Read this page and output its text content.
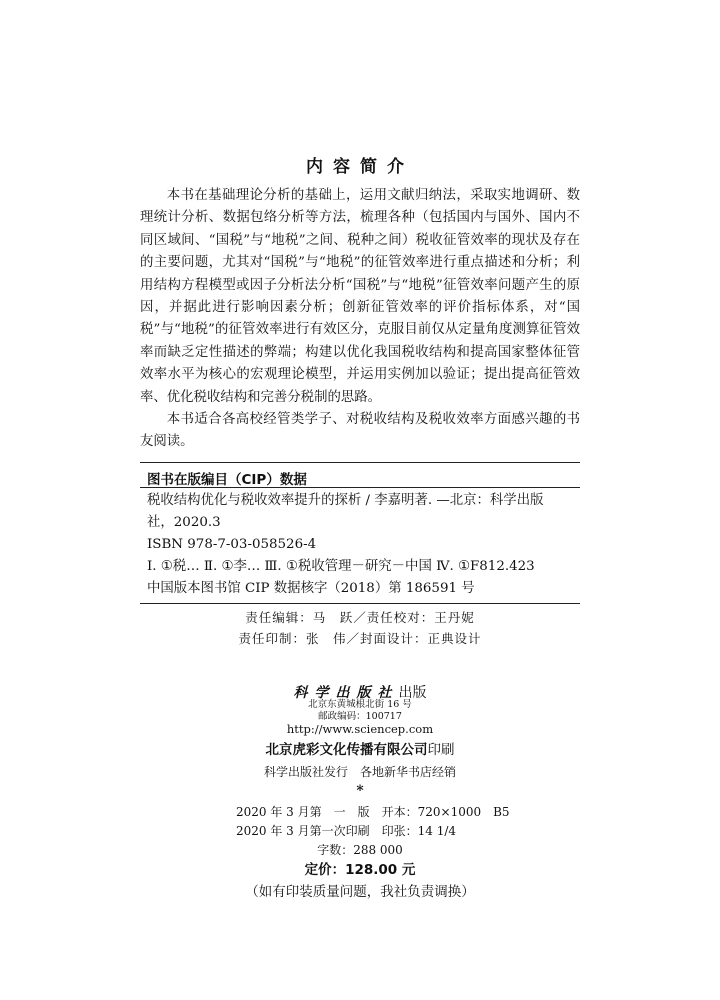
内容简介

本书在基础理论分析的基础上，运用文献归纳法，采取实地调研、数理统计分析、数据包络分析等方法，梳理各种（包括国内与国外、国内不同区域间、“国税”与“地税”之间、税种之间）税收征管效率的现状及存在的主要问题，尤其对“国税”与“地税”的征管效率进行重点描述和分析；利用结构方程模型或因子分析法分析“国税”与“地税”征管效率问题产生的原因，并据此进行影响因素分析；创新征管效率的评价指标体系，对“国税”与“地税”的征管效率进行有效区分，克服目前仅从定量角度测算征管效率而缺乏定性描述的弊端；构建以优化我国税收结构和提高国家整体征管效率水平为核心的宏观理论模型，并运用实例加以验证；提出提高征管效率、优化税收结构和完善分税制的思路。

本书适合各高校经管类学子、对税收结构及税收效率方面感兴趣的书友阅读。

图书在版编目（CIP）数据
税收结构优化与税收效率提升的探析 / 李嘉明著. —北京：科学出版
社，2020.3
ISBN 978-7-03-058526-4
Ⅰ. ①税… Ⅱ. ①李… Ⅲ. ①税收管理－研究－中国 Ⅳ. ①F812.423
中国版本图书馆 CIP 数据核字（2018）第 186591 号
责任编辑：马　跃／责任校对：王丹妮
责任印制：张　伟／封面设计：正典设计
科学出版社出版
北京东黄城根北街 16 号
邮政编码：100717
http://www.sciencep.com
北京虎彩文化传播有限公司印刷
科学出版社发行　各地新华书店经销
*
2020 年 3 月第　一　版　开本：720×1000　B5
2020 年 3 月第一次印刷　印张：14 1/4
字数：288 000
定价：128.00 元
（如有印装质量问题，我社负责调换）
